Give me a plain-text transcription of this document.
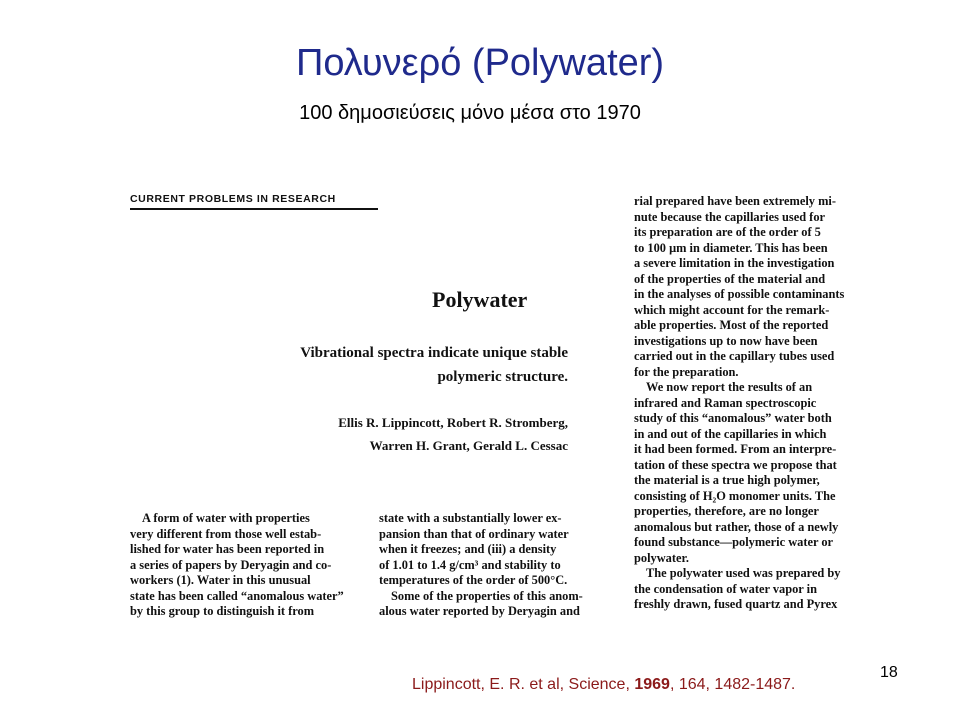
Πολυνερό (Polywater)
100 δημοσιεύσεις μόνο μέσα στο 1970
CURRENT PROBLEMS IN RESEARCH
Polywater
Vibrational spectra indicate unique stable
polymeric structure.
Ellis R. Lippincott, Robert R. Stromberg,
Warren H. Grant, Gerald L. Cessac
A form of water with properties
very different from those well estab-
lished for water has been reported in
a series of papers by Deryagin and co-
workers (1). Water in this unusual
state has been called “anomalous water”
by this group to distinguish it from
state with a substantially lower ex-
pansion than that of ordinary water
when it freezes; and (iii) a density
of 1.01 to 1.4 g/cm³ and stability to
temperatures of the order of 500°C.
Some of the properties of this anom-
alous water reported by Deryagin and
rial prepared have been extremely mi-
nute because the capillaries used for
its preparation are of the order of 5
to 100 μm in diameter. This has been
a severe limitation in the investigation
of the properties of the material and
in the analyses of possible contaminants
which might account for the remark-
able properties. Most of the reported
investigations up to now have been
carried out in the capillary tubes used
for the preparation.
We now report the results of an
infrared and Raman spectroscopic
study of this “anomalous” water both
in and out of the capillaries in which
it had been formed. From an interpre-
tation of these spectra we propose that
the material is a true high polymer,
consisting of H₂O monomer units. The
properties, therefore, are no longer
anomalous but rather, those of a newly
found substance—polymeric water or
polywater.
The polywater used was prepared by
the condensation of water vapor in
freshly drawn, fused quartz and Pyrex
18
Lippincott, E. R. et al, Science, 1969, 164, 1482-1487.
